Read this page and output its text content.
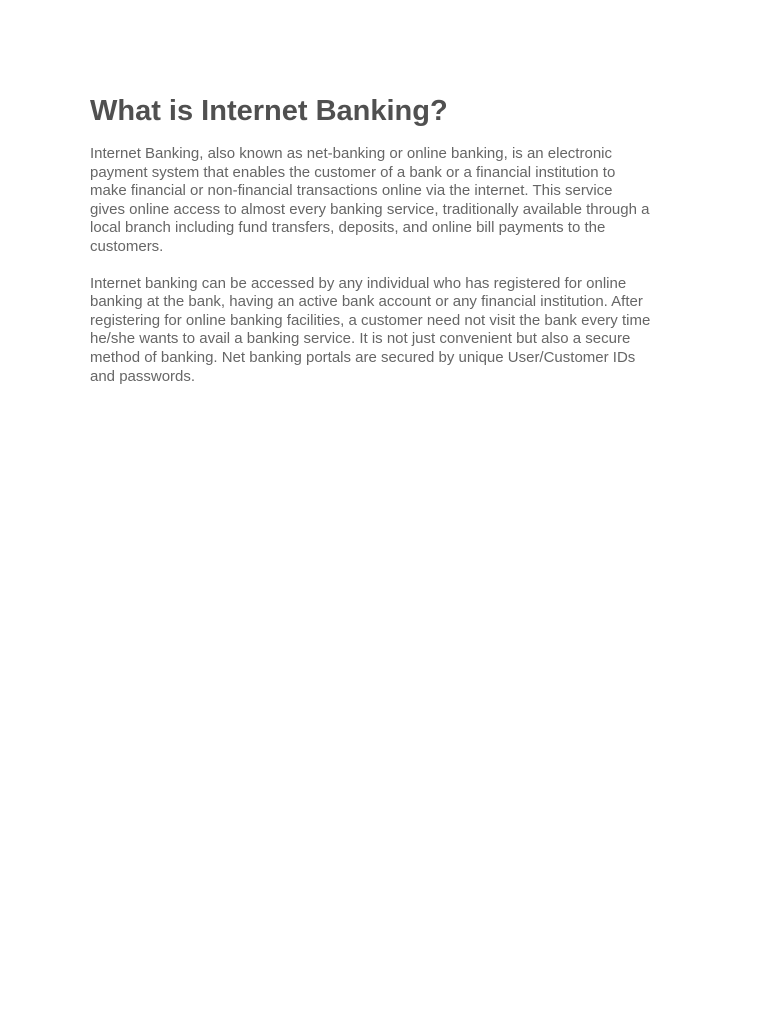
What is Internet Banking?

Internet Banking, also known as net-banking or online banking, is an electronic
payment system that enables the customer of a bank or a financial institution to
make financial or non-financial transactions online via the internet. This service
gives online access to almost every banking service, traditionally available through a
local branch including fund transfers, deposits, and online bill payments to the
customers.

Internet banking can be accessed by any individual who has registered for online
banking at the bank, having an active bank account or any financial institution. After
registering for online banking facilities, a customer need not visit the bank every time
he/she wants to avail a banking service. It is not just convenient but also a secure
method of banking. Net banking portals are secured by unique User/Customer IDs
and passwords.
